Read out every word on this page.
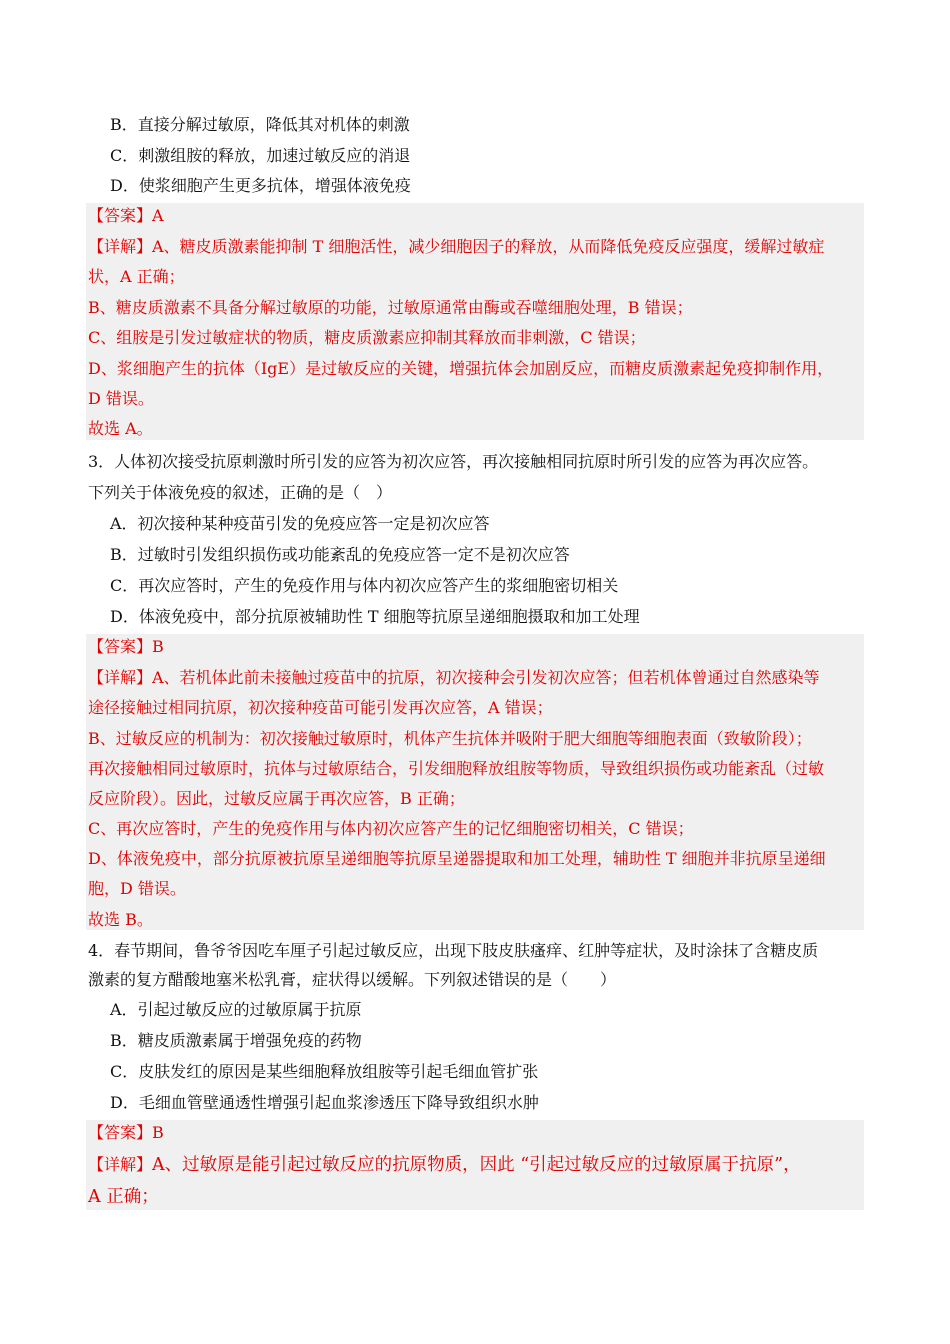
B．直接分解过敏原，降低其对机体的刺激
C．刺激组胺的释放，加速过敏反应的消退
D．使浆细胞产生更多抗体，增强体液免疫
【答案】A
【详解】A、糖皮质激素能抑制 T 细胞活性，减少细胞因子的释放，从而降低免疫反应强度，缓解过敏症
状，A 正确；
B、糖皮质激素不具备分解过敏原的功能，过敏原通常由酶或吞噬细胞处理，B 错误；
C、组胺是引发过敏症状的物质，糖皮质激素应抑制其释放而非刺激，C 错误；
D、浆细胞产生的抗体（IgE）是过敏反应的关键，增强抗体会加剧反应，而糖皮质激素起免疫抑制作用，
D 错误。
故选 A。
3．人体初次接受抗原刺激时所引发的应答为初次应答，再次接触相同抗原时所引发的应答为再次应答。
下列关于体液免疫的叙述，正确的是（　）
A．初次接种某种疫苗引发的免疫应答一定是初次应答
B．过敏时引发组织损伤或功能紊乱的免疫应答一定不是初次应答
C．再次应答时，产生的免疫作用与体内初次应答产生的浆细胞密切相关
D．体液免疫中，部分抗原被辅助性 T 细胞等抗原呈递细胞摄取和加工处理
【答案】B
【详解】A、若机体此前未接触过疫苗中的抗原，初次接种会引发初次应答；但若机体曾通过自然感染等
途径接触过相同抗原，初次接种疫苗可能引发再次应答，A 错误；
B、过敏反应的机制为：初次接触过敏原时，机体产生抗体并吸附于肥大细胞等细胞表面（致敏阶段）；
再次接触相同过敏原时，抗体与过敏原结合，引发细胞释放组胺等物质，导致组织损伤或功能紊乱（过敏
反应阶段）。因此，过敏反应属于再次应答，B 正确；
C、再次应答时，产生的免疫作用与体内初次应答产生的记忆细胞密切相关，C 错误；
D、体液免疫中，部分抗原被抗原呈递细胞等抗原呈递器提取和加工处理，辅助性 T 细胞并非抗原呈递细
胞，D 错误。
故选 B。
4．春节期间，鲁爷爷因吃车厘子引起过敏反应，出现下肢皮肤瘙痒、红肿等症状，及时涂抹了含糖皮质
激素的复方醋酸地塞米松乳膏，症状得以缓解。下列叙述错误的是（　　）
A．引起过敏反应的过敏原属于抗原
B．糖皮质激素属于增强免疫的药物
C．皮肤发红的原因是某些细胞释放组胺等引起毛细血管扩张
D．毛细血管壁通透性增强引起血浆渗透压下降导致组织水肿
【答案】B
【详解】A、过敏原是能引起过敏反应的抗原物质，因此 “引起过敏反应的过敏原属于抗原”，
A 正确；
